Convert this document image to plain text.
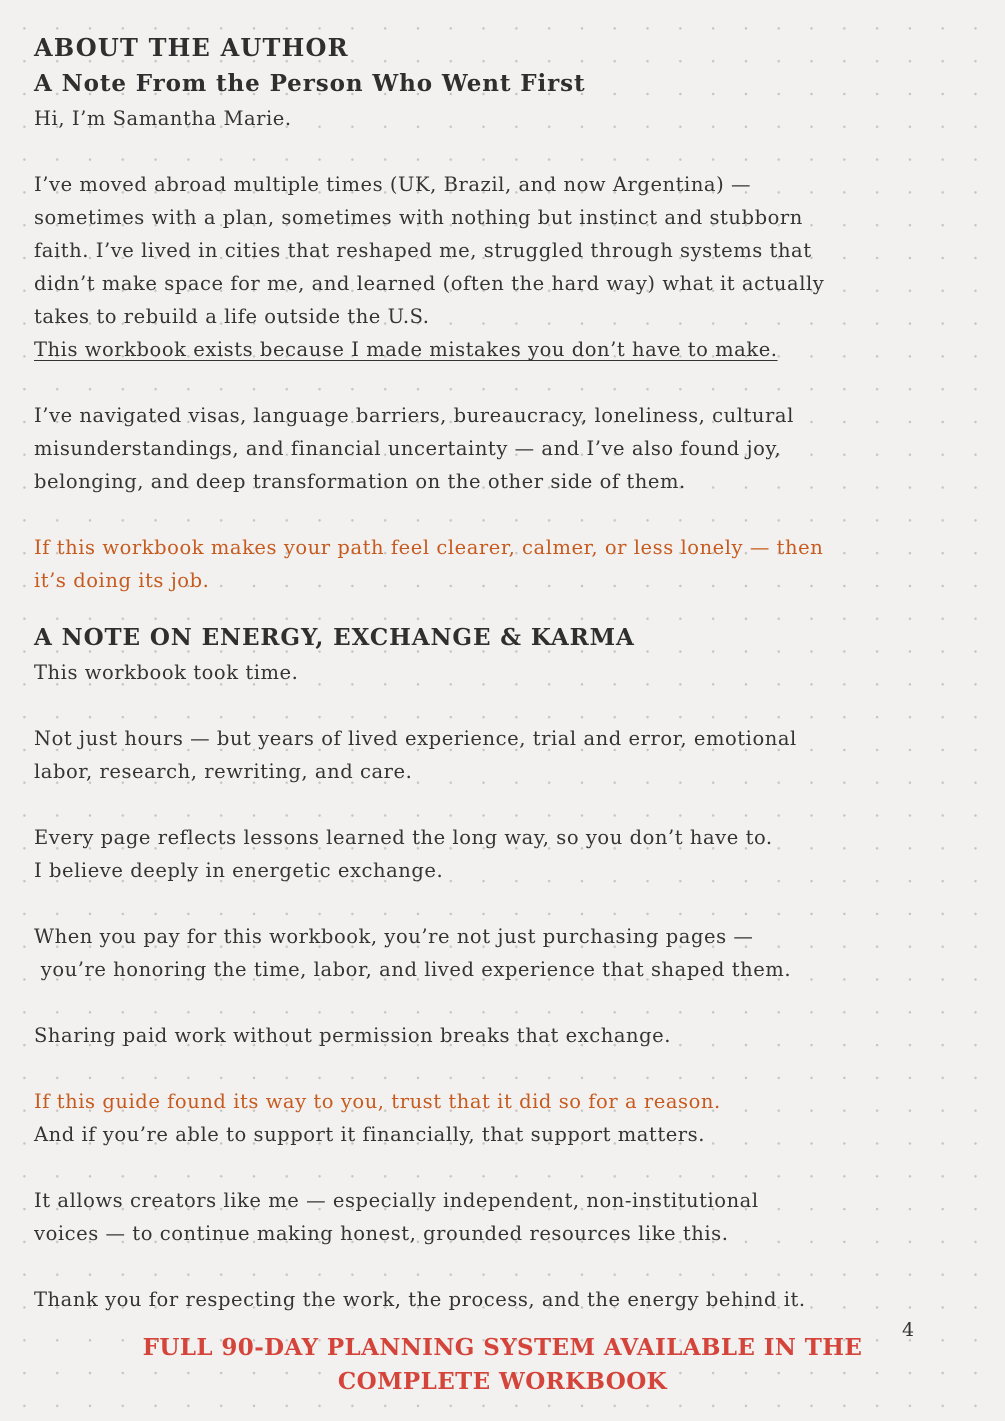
ABOUT THE AUTHOR
A Note From the Person Who Went First

Hi, I’m Samantha Marie.

I’ve moved abroad multiple times (UK, Brazil, and now Argentina) —

sometimes with a plan, sometimes with nothing but instinct and stubborn

faith. I’ve lived in cities that reshaped me, struggled through systems that

didn’t make space for me, and learned (often the hard way) what it actually

takes to rebuild a life outside the U.S.

This workbook exists because I made mistakes you don’t have to make.

I’ve navigated visas, language barriers, bureaucracy, loneliness, cultural

misunderstandings, and financial uncertainty — and I’ve also found joy,

belonging, and deep transformation on the other side of them.

If this workbook makes your path feel clearer, calmer, or less lonely — then

it’s doing its job.

A NOTE ON ENERGY, EXCHANGE & KARMA

This workbook took time.

Not just hours — but years of lived experience, trial and error, emotional

labor, research, rewriting, and care.

Every page reflects lessons learned the long way, so you don’t have to.

I believe deeply in energetic exchange.

When you pay for this workbook, you’re not just purchasing pages —

you’re honoring the time, labor, and lived experience that shaped them.

Sharing paid work without permission breaks that exchange.

If this guide found its way to you, trust that it did so for a reason.

And if you’re able to support it financially, that support matters.

It allows creators like me — especially independent, non-institutional

voices — to continue making honest, grounded resources like this.

Thank you for respecting the work, the process, and the energy behind it.

4
FULL 90-DAY PLANNING SYSTEM AVAILABLE IN THE
COMPLETE WORKBOOK
